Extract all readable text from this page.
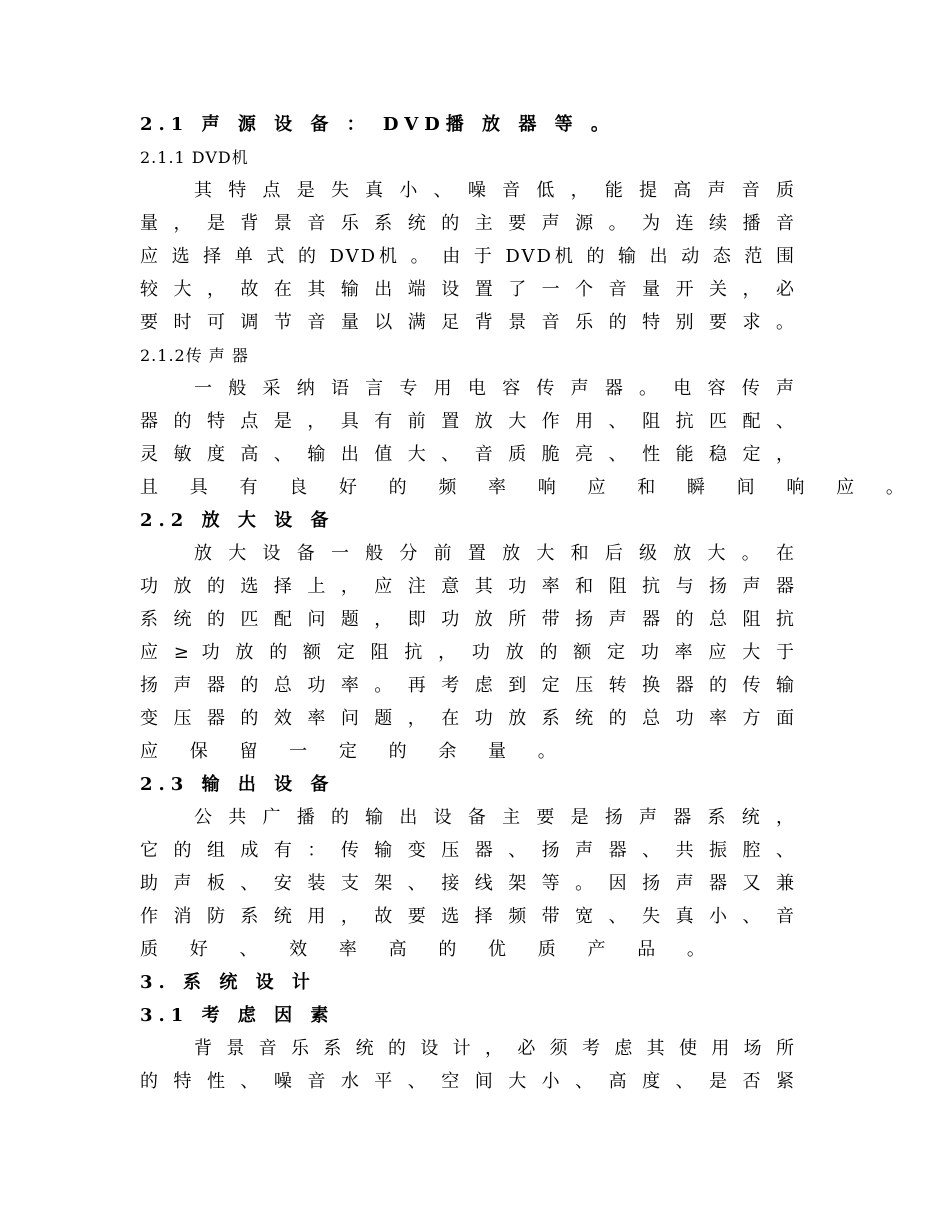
2.1 声 源 设 备 ： DVD播 放 器 等 。
2.1.1 DVD机
其 特 点 是 失 真 小 、 噪 音 低 ， 能 提 高 声 音 质
量 ， 是 背 景 音 乐 系 统 的 主 要 声 源 。 为 连 续 播 音
应 选 择 单 式 的 DVD机 。 由 于 DVD机 的 输 出 动 态 范 围
较 大 ， 故 在 其 输 出 端 设 置 了 一 个 音 量 开 关 ， 必
要 时 可 调 节 音 量 以 满 足 背 景 音 乐 的 特 别 要 求 。
2.1.2传 声 器
一 般 采 纳 语 言 专 用 电 容 传 声 器 。 电 容 传 声
器 的 特 点 是 ， 具 有 前 置 放 大 作 用 、 阻 抗 匹 配 、
灵 敏 度 高 、 输 出 值 大 、 音 质 脆 亮 、 性 能 稳 定 ，
且 具 有 良 好 的 频 率 响 应 和 瞬 间 响 应 。
2.2 放 大 设 备
放 大 设 备 一 般 分 前 置 放 大 和 后 级 放 大 。 在
功 放 的 选 择 上 ， 应 注 意 其 功 率 和 阻 抗 与 扬 声 器
系 统 的 匹 配 问 题 ， 即 功 放 所 带 扬 声 器 的 总 阻 抗
应 ≥ 功 放 的 额 定 阻 抗 ， 功 放 的 额 定 功 率 应 大 于
扬 声 器 的 总 功 率 。 再 考 虑 到 定 压 转 换 器 的 传 输
变 压 器 的 效 率 问 题 ， 在 功 放 系 统 的 总 功 率 方 面
应 保 留 一 定 的 余 量 。
2.3 输 出 设 备
公 共 广 播 的 输 出 设 备 主 要 是 扬 声 器 系 统 ，
它 的 组 成 有 ： 传 输 变 压 器 、 扬 声 器 、 共 振 腔 、
助 声 板 、 安 装 支 架 、 接 线 架 等 。 因 扬 声 器 又 兼
作 消 防 系 统 用 ， 故 要 选 择 频 带 宽 、 失 真 小 、 音
质 好 、 效 率 高 的 优 质 产 品 。
3. 系 统 设 计
3.1 考 虑 因 素
背 景 音 乐 系 统 的 设 计 ， 必 须 考 虑 其 使 用 场 所
的 特 性 、 噪 音 水 平 、 空 间 大 小 、 高 度 、 是 否 紧
